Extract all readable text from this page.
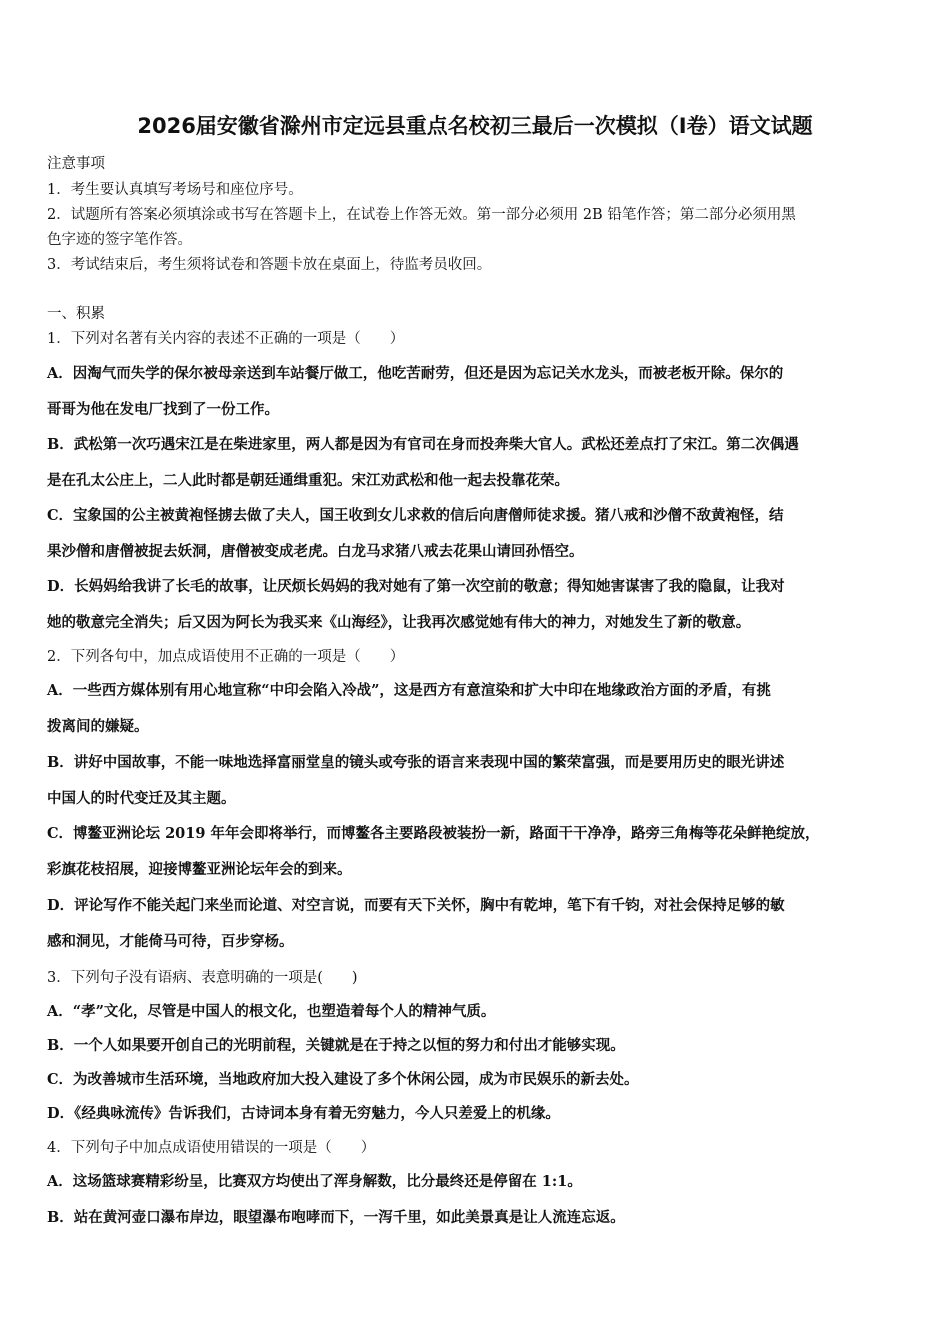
2026届安徽省滁州市定远县重点名校初三最后一次模拟（I卷）语文试题
注意事项
1．考生要认真填写考场号和座位序号。
2．试题所有答案必须填涂或书写在答题卡上，在试卷上作答无效。第一部分必须用 2B 铅笔作答；第二部分必须用黑
色字迹的签字笔作答。
3．考试结束后，考生须将试卷和答题卡放在桌面上，待监考员收回。
一、积累
1．下列对名著有关内容的表述不正确的一项是（　　）
A．因淘气而失学的保尔被母亲送到车站餐厅做工，他吃苦耐劳，但还是因为忘记关水龙头，而被老板开除。保尔的
哥哥为他在发电厂找到了一份工作。
B．武松第一次巧遇宋江是在柴进家里，两人都是因为有官司在身而投奔柴大官人。武松还差点打了宋江。第二次偶遇
是在孔太公庄上，二人此时都是朝廷通缉重犯。宋江劝武松和他一起去投靠花荣。
C．宝象国的公主被黄袍怪掳去做了夫人，国王收到女儿求救的信后向唐僧师徒求援。猪八戒和沙僧不敌黄袍怪，结
果沙僧和唐僧被捉去妖洞，唐僧被变成老虎。白龙马求猪八戒去花果山请回孙悟空。
D．长妈妈给我讲了长毛的故事，让厌烦长妈妈的我对她有了第一次空前的敬意；得知她害谋害了我的隐鼠，让我对
她的敬意完全消失；后又因为阿长为我买来《山海经》，让我再次感觉她有伟大的神力，对她发生了新的敬意。
2．下列各句中，加点成语使用不正确的一项是（　　）
A．一些西方媒体别有用心地宣称“中印会陷入冷战”，这是西方有意渲染和扩大中印在地缘政治方面的矛盾，有挑
拨离间的嫌疑。
B．讲好中国故事，不能一味地选择富丽堂皇的镜头或夸张的语言来表现中国的繁荣富强，而是要用历史的眼光讲述
中国人的时代变迁及其主题。
C．博鳌亚洲论坛 2019 年年会即将举行，而博鳌各主要路段被装扮一新，路面干干净净，路旁三角梅等花朵鲜艳绽放，
彩旗花枝招展，迎接博鳌亚洲论坛年会的到来。
D．评论写作不能关起门来坐而论道、对空言说，而要有天下关怀，胸中有乾坤，笔下有千钧，对社会保持足够的敏
感和洞见，才能倚马可待，百步穿杨。
3．下列句子没有语病、表意明确的一项是(　　)
A．“孝”文化，尽管是中国人的根文化，也塑造着每个人的精神气质。
B．一个人如果要开创自己的光明前程，关键就是在于持之以恒的努力和付出才能够实现。
C．为改善城市生活环境，当地政府加大投入建设了多个休闲公园，成为市民娱乐的新去处。
D．《经典咏流传》告诉我们，古诗词本身有着无穷魅力，今人只差爱上的机缘。
4．下列句子中加点成语使用错误的一项是（　　）
A．这场篮球赛精彩纷呈，比赛双方均使出了浑身解数，比分最终还是停留在 1:1。
B．站在黄河壶口瀑布岸边，眼望瀑布咆哮而下，一泻千里，如此美景真是让人流连忘返。
